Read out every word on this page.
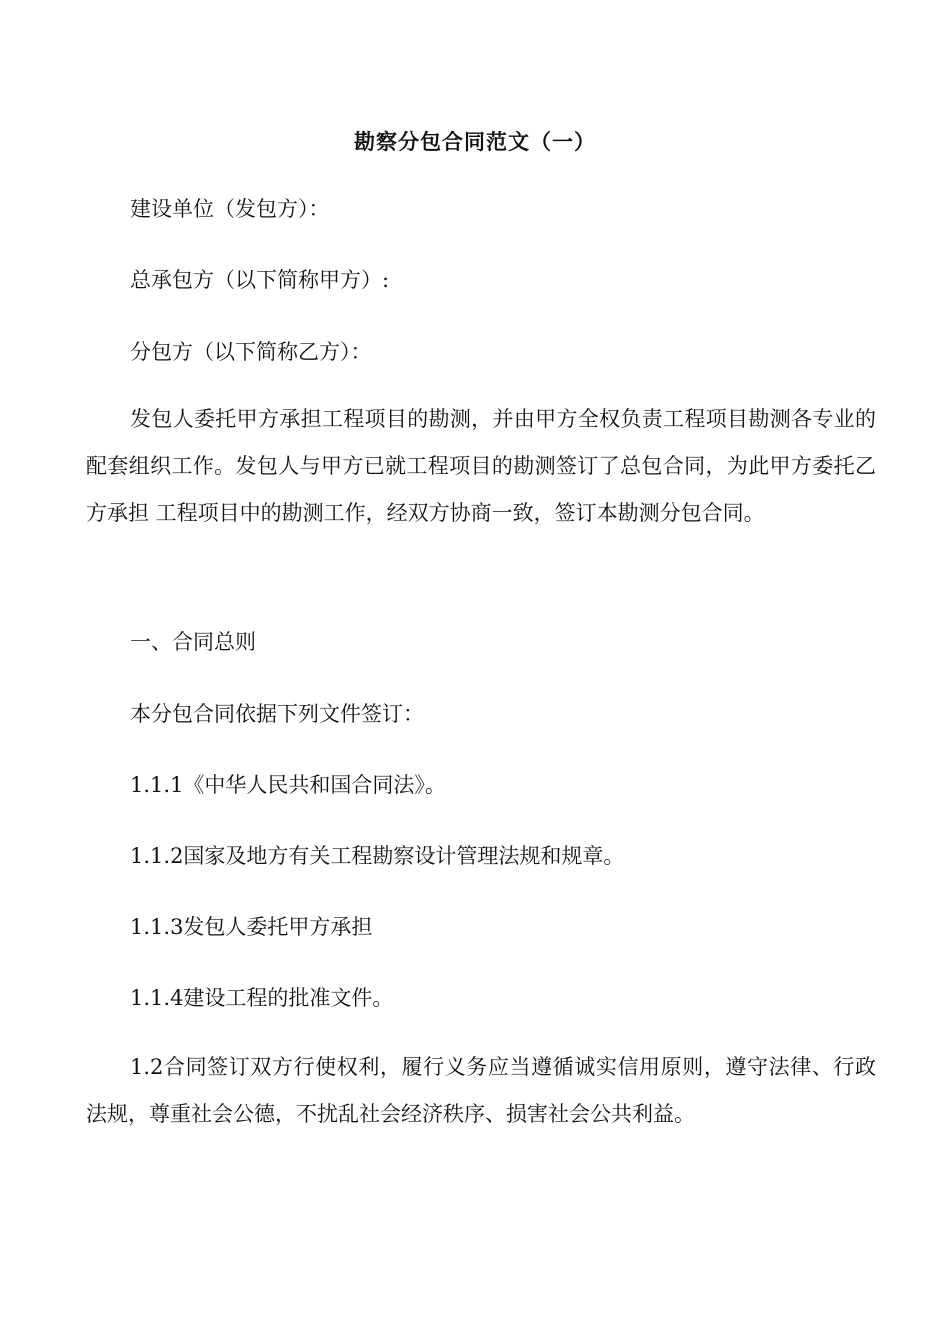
勘察分包合同范文（一）

建设单位（发包方）：

总承包方（以下简称甲方）:

分包方（以下简称乙方）：

发包人委托甲方承担工程项目的勘测，并由甲方全权负责工程项目勘测各专业的配套组织工作。发包人与甲方已就工程项目的勘测签订了总包合同，为此甲方委托乙方承担 工程项目中的勘测工作，经双方协商一致，签订本勘测分包合同。

一、合同总则

本分包合同依据下列文件签订：

1.1.1《中华人民共和国合同法》。

1.1.2国家及地方有关工程勘察设计管理法规和规章。

1.1.3发包人委托甲方承担

1.1.4建设工程的批准文件。

1.2合同签订双方行使权利，履行义务应当遵循诚实信用原则，遵守法律、行政法规，尊重社会公德，不扰乱社会经济秩序、损害社会公共利益。
